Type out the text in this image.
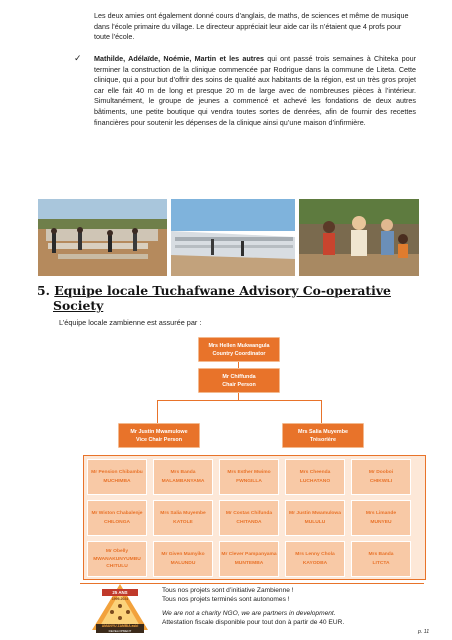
Les deux amies ont également donné cours d’anglais, de maths, de sciences et même de musique dans l’école primaire du village. Le directeur appréciait leur aide car ils n’étaient que 4 profs pour toute l’école.
✓ Mathilde, Adélaïde, Noémie, Martin et les autres qui ont passé trois semaines à Chiteka pour terminer la construction de la clinique commencée par Rodrigue dans la commune de Liteta. Cette clinique, qui a pour but d’offrir des soins de qualité aux habitants de la région, est un très gros projet car elle fait 40 m de long et presque 20 m de large avec de nombreuses pièces à l’intérieur. Simultanément, le groupe de jeunes a commencé et achevé les fondations de deux autres bâtiments, une petite boutique qui vendra toutes sortes de denrées, afin de fournir des recettes financières pour soutenir les dépenses de la clinique ainsi qu’une maison d’infirmière.
5. Equipe locale Tuchafwane Advisory Co-operative
Society
L’équipe locale zambienne est assurée par :
Mrs Hellen Mukwangula
Country Coordinator
Mr Chiffunda
Chair Person
Mr Justin Mwamulowe
Vice Chair Person
Mrs Salia Muyembe
Trésorière
Mr Pension Chibambu
MUCHIMBA
Mrs Banda
MALAMBANYAMA
Mrs Esther Mwimo
FWNGILLA
Mrs Cheenda
LUCHATANO
Mr Dooboi
CHIKWILI
Mr Wiston Chabalenje
CHILONGA
Mrs Salia Muyembe
KATOLE
Mr Costas Chifunda
CHITANDA
Mr Justin Mwamulowa
MULULU
Mrs Limande
MUNYEU
Mr Obelly
MWANAKUNYUMBU CHITULU
Mr Given Mamyiko
MALUNDU
Mr Clever Pampanyama
MUNTEMBA
Mrs Lenny Chola
KAYODBA
Mrs Banda
LITCTA
25 ANS
1999-2024
AMANYU ZAMBIA asbl
DEVELOPMENT
Tous nos projets sont d’initiative Zambienne !
Tous nos projets terminés sont autonomes !
We are not a charity NGO, we are partners in development.
Attestation fiscale disponible pour tout don à partir de 40 EUR.
p. 11
